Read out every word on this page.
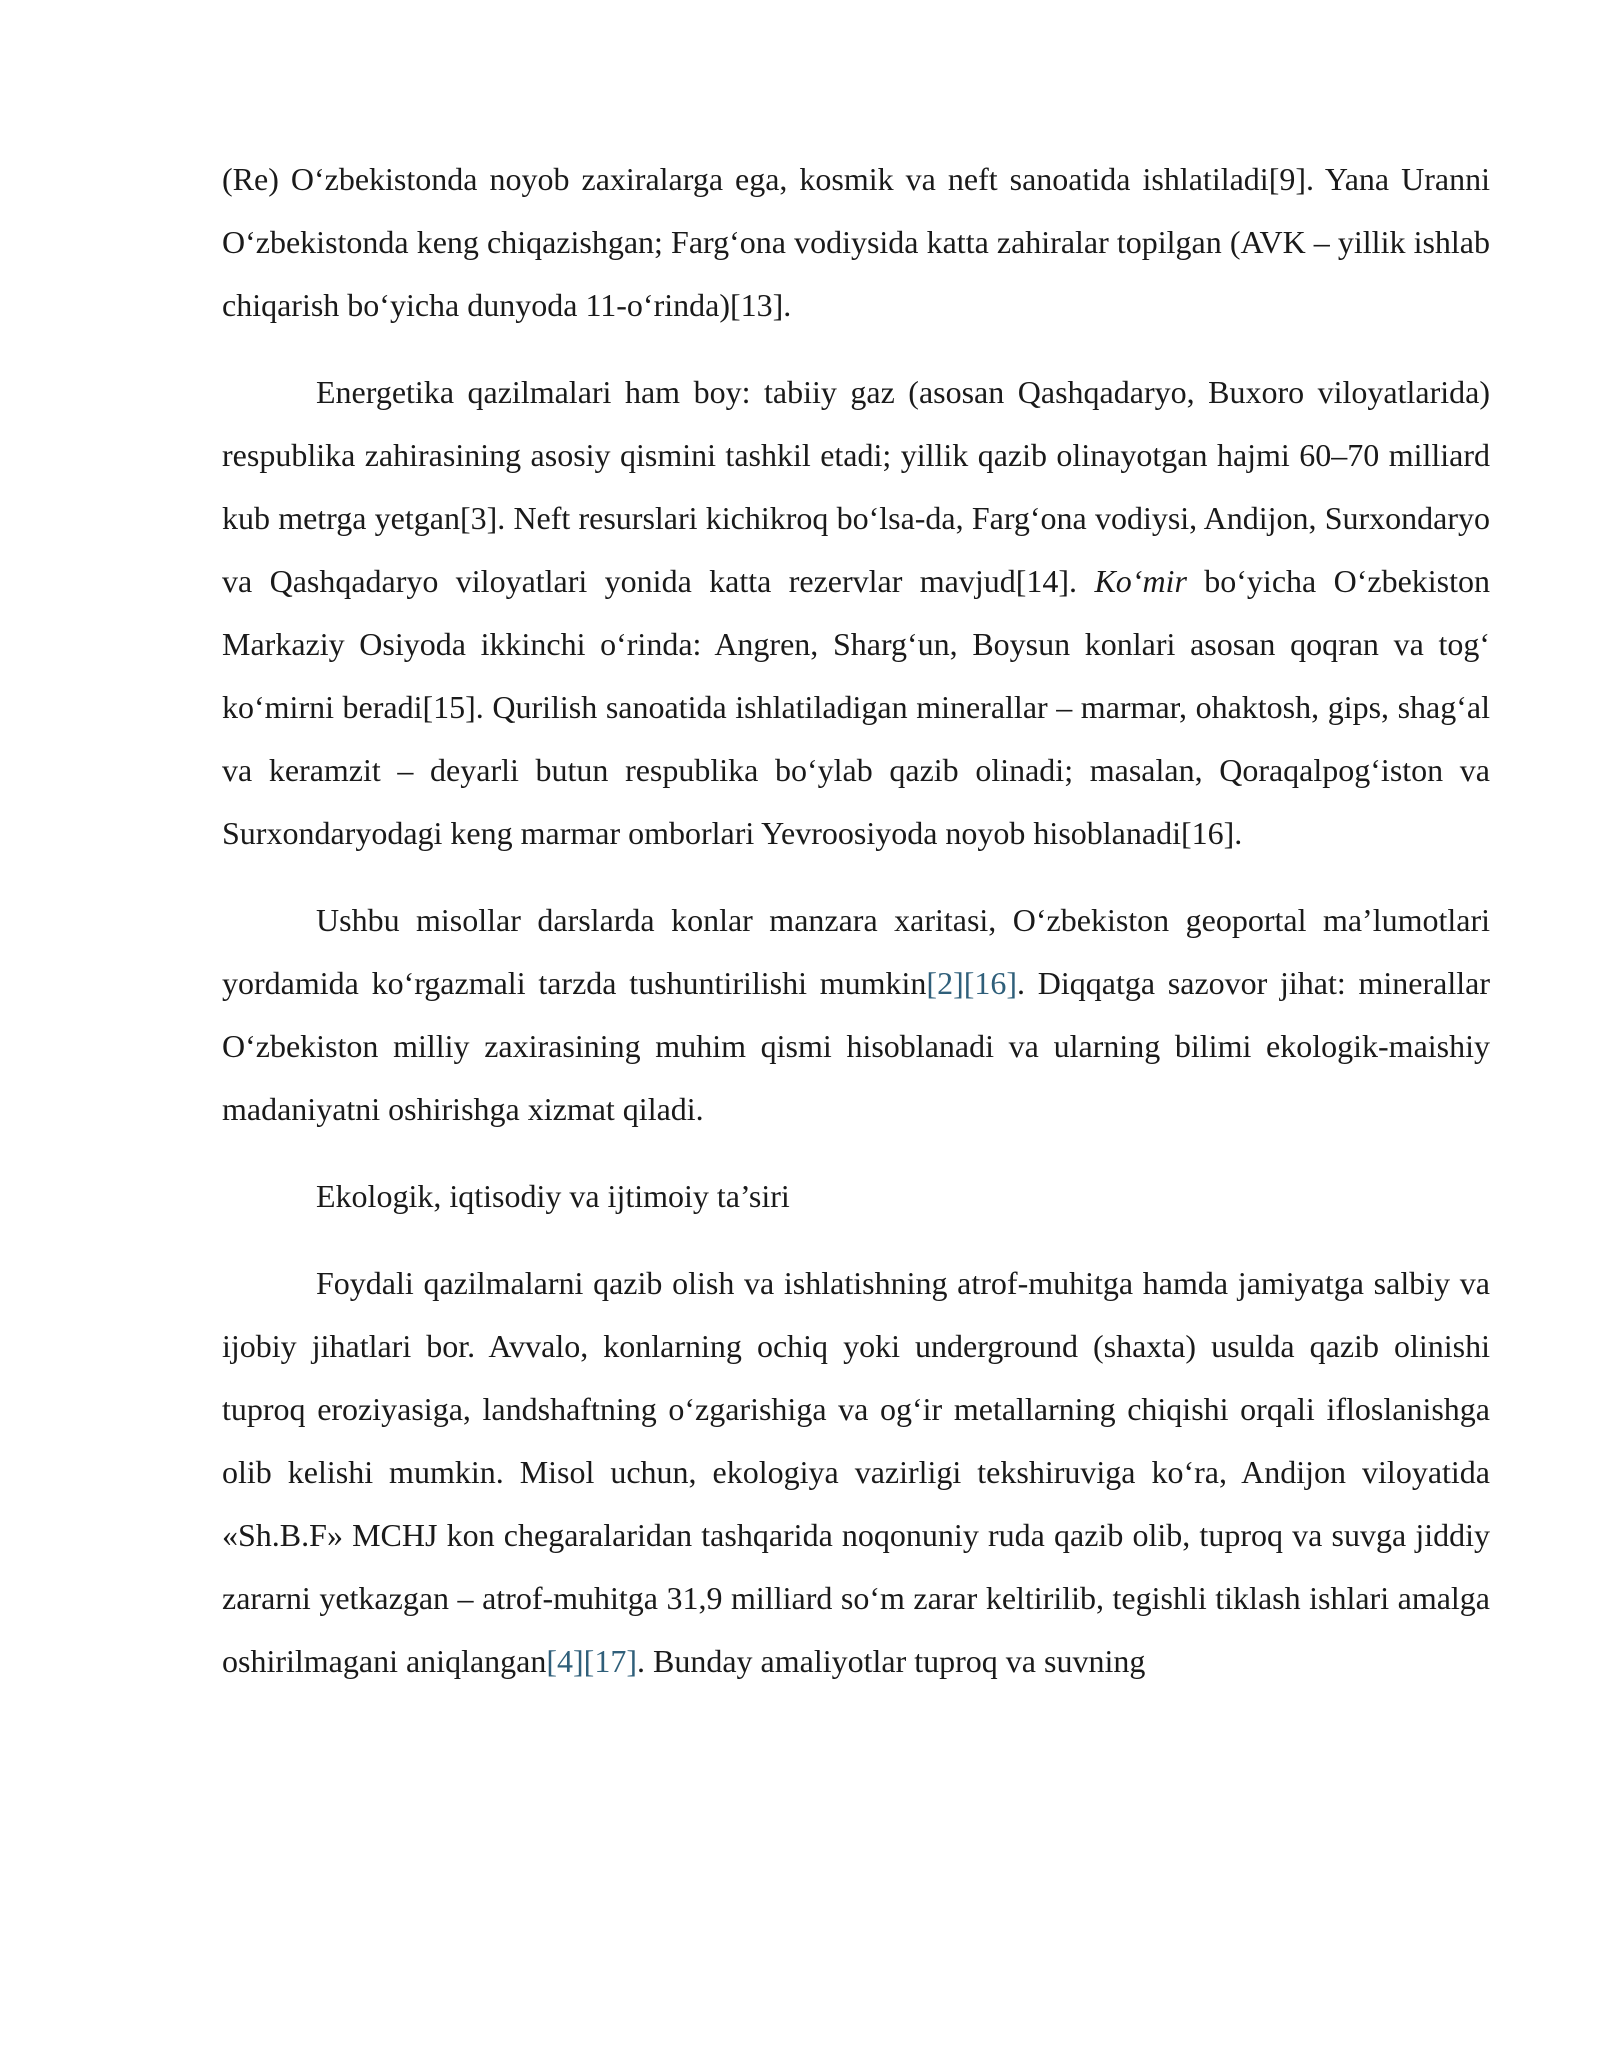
(Re) O‘zbekistonda noyob zaxiralarga ega, kosmik va neft sanoatida ishlatiladi[9]. Yana Uranni O‘zbekistonda keng chiqazishgan; Farg‘ona vodiysida katta zahiralar topilgan (AVK – yillik ishlab chiqarish bo‘yicha dunyoda 11-o‘rinda)[13].

Energetika qazilmalari ham boy: tabiiy gaz (asosan Qashqadaryo, Buxoro viloyatlarida) respublika zahirasining asosiy qismini tashkil etadi; yillik qazib olinayotgan hajmi 60–70 milliard kub metrga yetgan[3]. Neft resurslari kichikroq bo‘lsa-da, Farg‘ona vodiysi, Andijon, Surxondaryo va Qashqadaryo viloyatlari yonida katta rezervlar mavjud[14]. Ko‘mir bo‘yicha O‘zbekiston Markaziy Osiyoda ikkinchi o‘rinda: Angren, Sharg‘un, Boysun konlari asosan qoqran va tog‘ ko‘mirni beradi[15]. Qurilish sanoatida ishlatiladigan minerallar – marmar, ohaktosh, gips, shag‘al va keramzit – deyarli butun respublika bo‘ylab qazib olinadi; masalan, Qoraqalpog‘iston va Surxondaryodagi keng marmar omborlari Yevroosiyoda noyob hisoblanadi[16].

Ushbu misollar darslarda konlar manzara xaritasi, O‘zbekiston geoportal ma’lumotlari yordamida ko‘rgazmali tarzda tushuntirilishi mumkin[2][16]. Diqqatga sazovor jihat: minerallar O‘zbekiston milliy zaxirasining muhim qismi hisoblanadi va ularning bilimi ekologik-maishiy madaniyatni oshirishga xizmat qiladi.

Ekologik, iqtisodiy va ijtimoiy ta’siri

Foydali qazilmalarni qazib olish va ishlatishning atrof-muhitga hamda jamiyatga salbiy va ijobiy jihatlari bor. Avvalo, konlarning ochiq yoki underground (shaxta) usulda qazib olinishi tuproq eroziyasiga, landshaftning o‘zgarishiga va og‘ir metallarning chiqishi orqali ifloslanishga olib kelishi mumkin. Misol uchun, ekologiya vazirligi tekshiruviga ko‘ra, Andijon viloyatida «Sh.B.F» MCHJ kon chegaralaridan tashqarida noqonuniy ruda qazib olib, tuproq va suvga jiddiy zararni yetkazgan – atrof-muhitga 31,9 milliard so‘m zarar keltirilib, tegishli tiklash ishlari amalga oshirilmagani aniqlangan[4][17]. Bunday amaliyotlar tuproq va suvning
